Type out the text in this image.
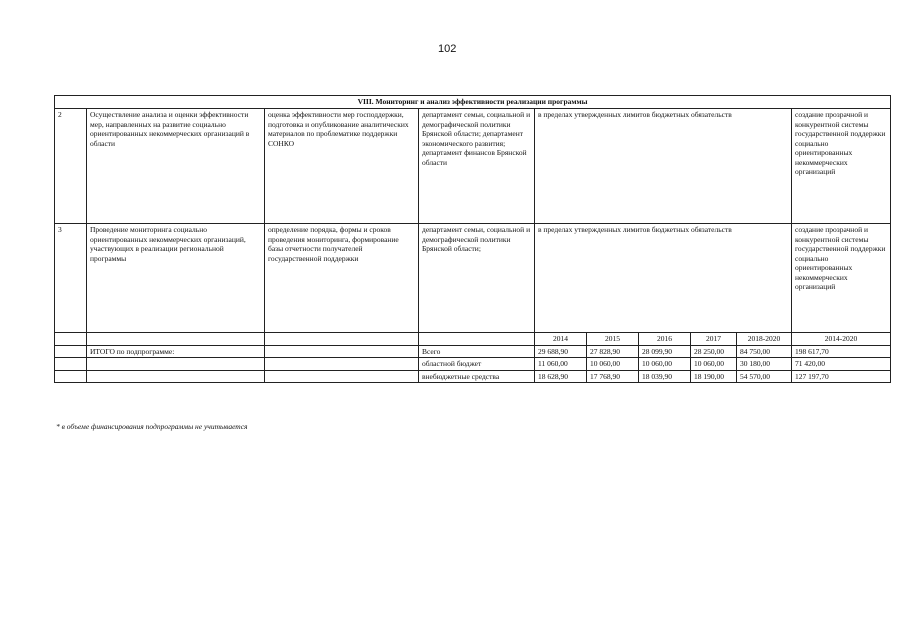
102
VIII. Мониторинг и анализ эффективности реализации программы									
2	Осуществление анализа и оценки эффективности мер, направленных на развитие социально ориентированных некоммерческих организаций в области	оценка эффективности мер господдержки, подготовка и опубликование аналитических материалов по проблематике поддержки СОНКО	департамент семьи, социальной и демографической политики Брянской области; департамент экономического развития; департамент финансов Брянской области	в пределах утвержденных лимитов бюджетных обязательств					создание прозрачной и конкурентной системы государственной поддержки социально ориентированных некоммерческих организаций
3	Проведение мониторинга социально ориентированных некоммерческих организаций, участвующих в реализации региональной программы	определение порядка, формы и сроков проведения мониторинга, формирование базы отчетности получателей государственной поддержки	департамент семьи, социальной и демографической политики Брянской области;	в пределах утвержденных лимитов бюджетных обязательств					создание прозрачной и конкурентной системы государственной поддержки социально ориентированных некоммерческих организаций
				2014	2015	2016	2017	2018-2020	2014-2020
	ИТОГО по подпрограмме:		Всего	29 688,90	27 828,90	28 099,90	28 250,00	84 750,00	198 617,70
			областной бюджет	11 060,00	10 060,00	10 060,00	10 060,00	30 180,00	71 420,00
			внебюджетные средства	18 628,90	17 768,90	18 039,90	18 190,00	54 570,00	127 197,70
* в объеме финансирования подпрограммы не учитывается
